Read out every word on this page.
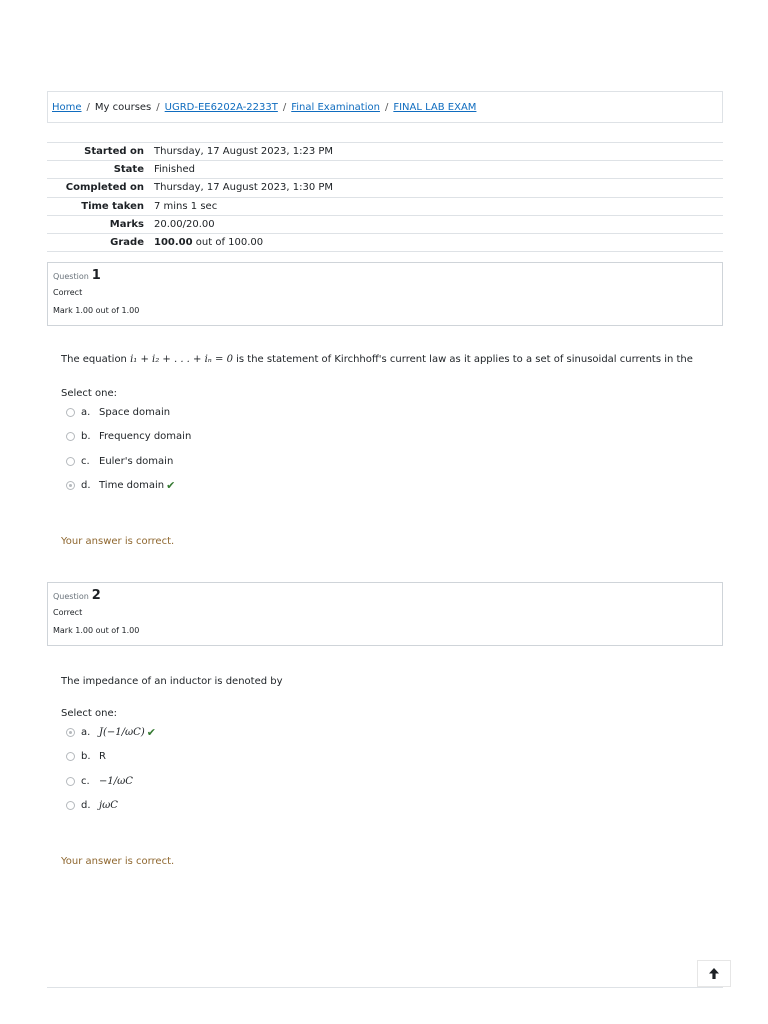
Home / My courses / UGRD-EE6202A-2233T / Final Examination / FINAL LAB EXAM
Started on	Thursday, 17 August 2023, 1:23 PM
State	Finished
Completed on	Thursday, 17 August 2023, 1:30 PM
Time taken	7 mins 1 sec
Marks	20.00/20.00
Grade	100.00 out of 100.00
Question 1
Correct
Mark 1.00 out of 1.00
The equation i₁ + i₂ + . . . + iₙ = 0 is the statement of Kirchhoff's current law as it applies to a set of sinusoidal currents in the
Select one:
a. Space domain
b. Frequency domain
c. Euler's domain
d. Time domain ✔
Your answer is correct.
Question 2
Correct
Mark 1.00 out of 1.00
The impedance of an inductor is denoted by
Select one:
a. J(−1/ωC) ✔
b. R
c. −1/ωC
d. jωC
Your answer is correct.
